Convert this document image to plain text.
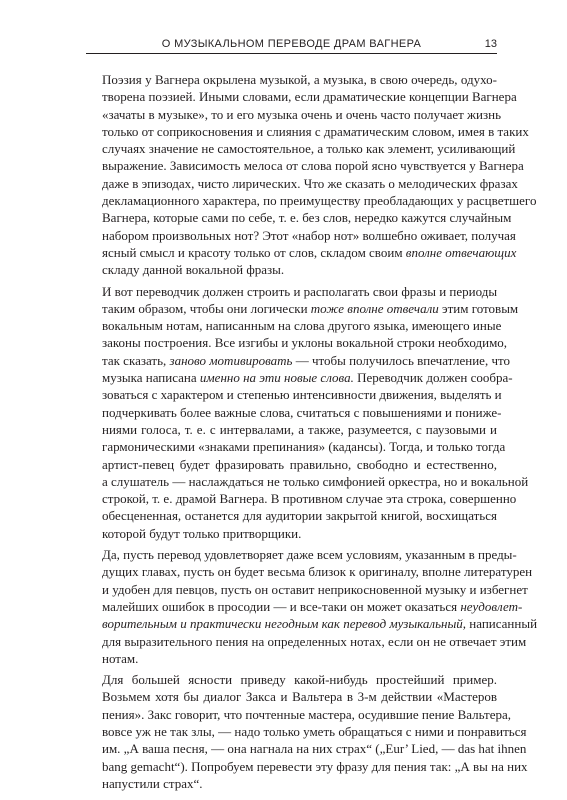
О МУЗЫКАЛЬНОМ ПЕРЕВОДЕ ДРАМ ВАГНЕРА	13

Поэзия у Вагнера окрылена музыкой, а музыка, в свою очередь, одухо-
творена поэзией. Иными словами, если драматические концепции Вагнера
«зачаты в музыке», то и его музыка очень и очень часто получает жизнь
только от соприкосновения и слияния с драматическим словом, имея в таких
случаях значение не самостоятельное, а только как элемент, усиливающий
выражение. Зависимость мелоса от слова порой ясно чувствуется у Вагнера
даже в эпизодах, чисто лирических. Что же сказать о мелодических фразах
декламационного характера, по преимуществу преобладающих у расцветшего
Вагнера, которые сами по себе, т. е. без слов, нередко кажутся случайным
набором произвольных нот? Этот «набор нот» волшебно оживает, получая
ясный смысл и красоту только от слов, складом своим вполне отвечающих
складу данной вокальной фразы.

И вот переводчик должен строить и располагать свои фразы и периоды
таким образом, чтобы они логически тоже вполне отвечали этим готовым
вокальным нотам, написанным на слова другого языка, имеющего иные
законы построения. Все изгибы и уклоны вокальной строки необходимо,
так сказать, заново мотивировать — чтобы получилось впечатление, что
музыка написана именно на эти новые слова. Переводчик должен сообра-
зоваться с характером и степенью интенсивности движения, выделять и
подчеркивать более важные слова, считаться с повышениями и пониже-
ниями голоса, т. е. с интервалами, а также, разумеется, с паузовыми и
гармоническими «знаками препинания» (кадансы). Тогда, и только тогда
артист-певец будет фразировать правильно, свободно и естественно,
а слушатель — наслаждаться не только симфонией оркестра, но и вокальной
строкой, т. е. драмой Вагнера. В противном случае эта строка, совершенно
обесцененная, останется для аудитории закрытой книгой, восхищаться
которой будут только притворщики.

Да, пусть перевод удовлетворяет даже всем условиям, указанным в преды-
дущих главах, пусть он будет весьма близок к оригиналу, вполне литературен
и удобен для певцов, пусть он оставит неприкосновенной музыку и избегнет
малейших ошибок в просодии — и все-таки он может оказаться неудовлет-
ворительным и практически негодным как перевод музыкальный, написанный
для выразительного пения на определенных нотах, если он не отвечает этим
нотам.

Для большей ясности приведу какой-нибудь простейший пример.
Возьмем хотя бы диалог Закса и Вальтера в 3-м действии «Мастеров
пения». Закс говорит, что почтенные мастера, осудившие пение Вальтера,
вовсе уж не так злы, — надо только уметь обращаться с ними и понравиться
им. „А ваша песня, — она нагнала на них страх“ („Eur’ Lied, — das hat ihnen
bang gemacht“). Попробуем перевести эту фразу для пения так: „А вы на них
напустили страх“.
